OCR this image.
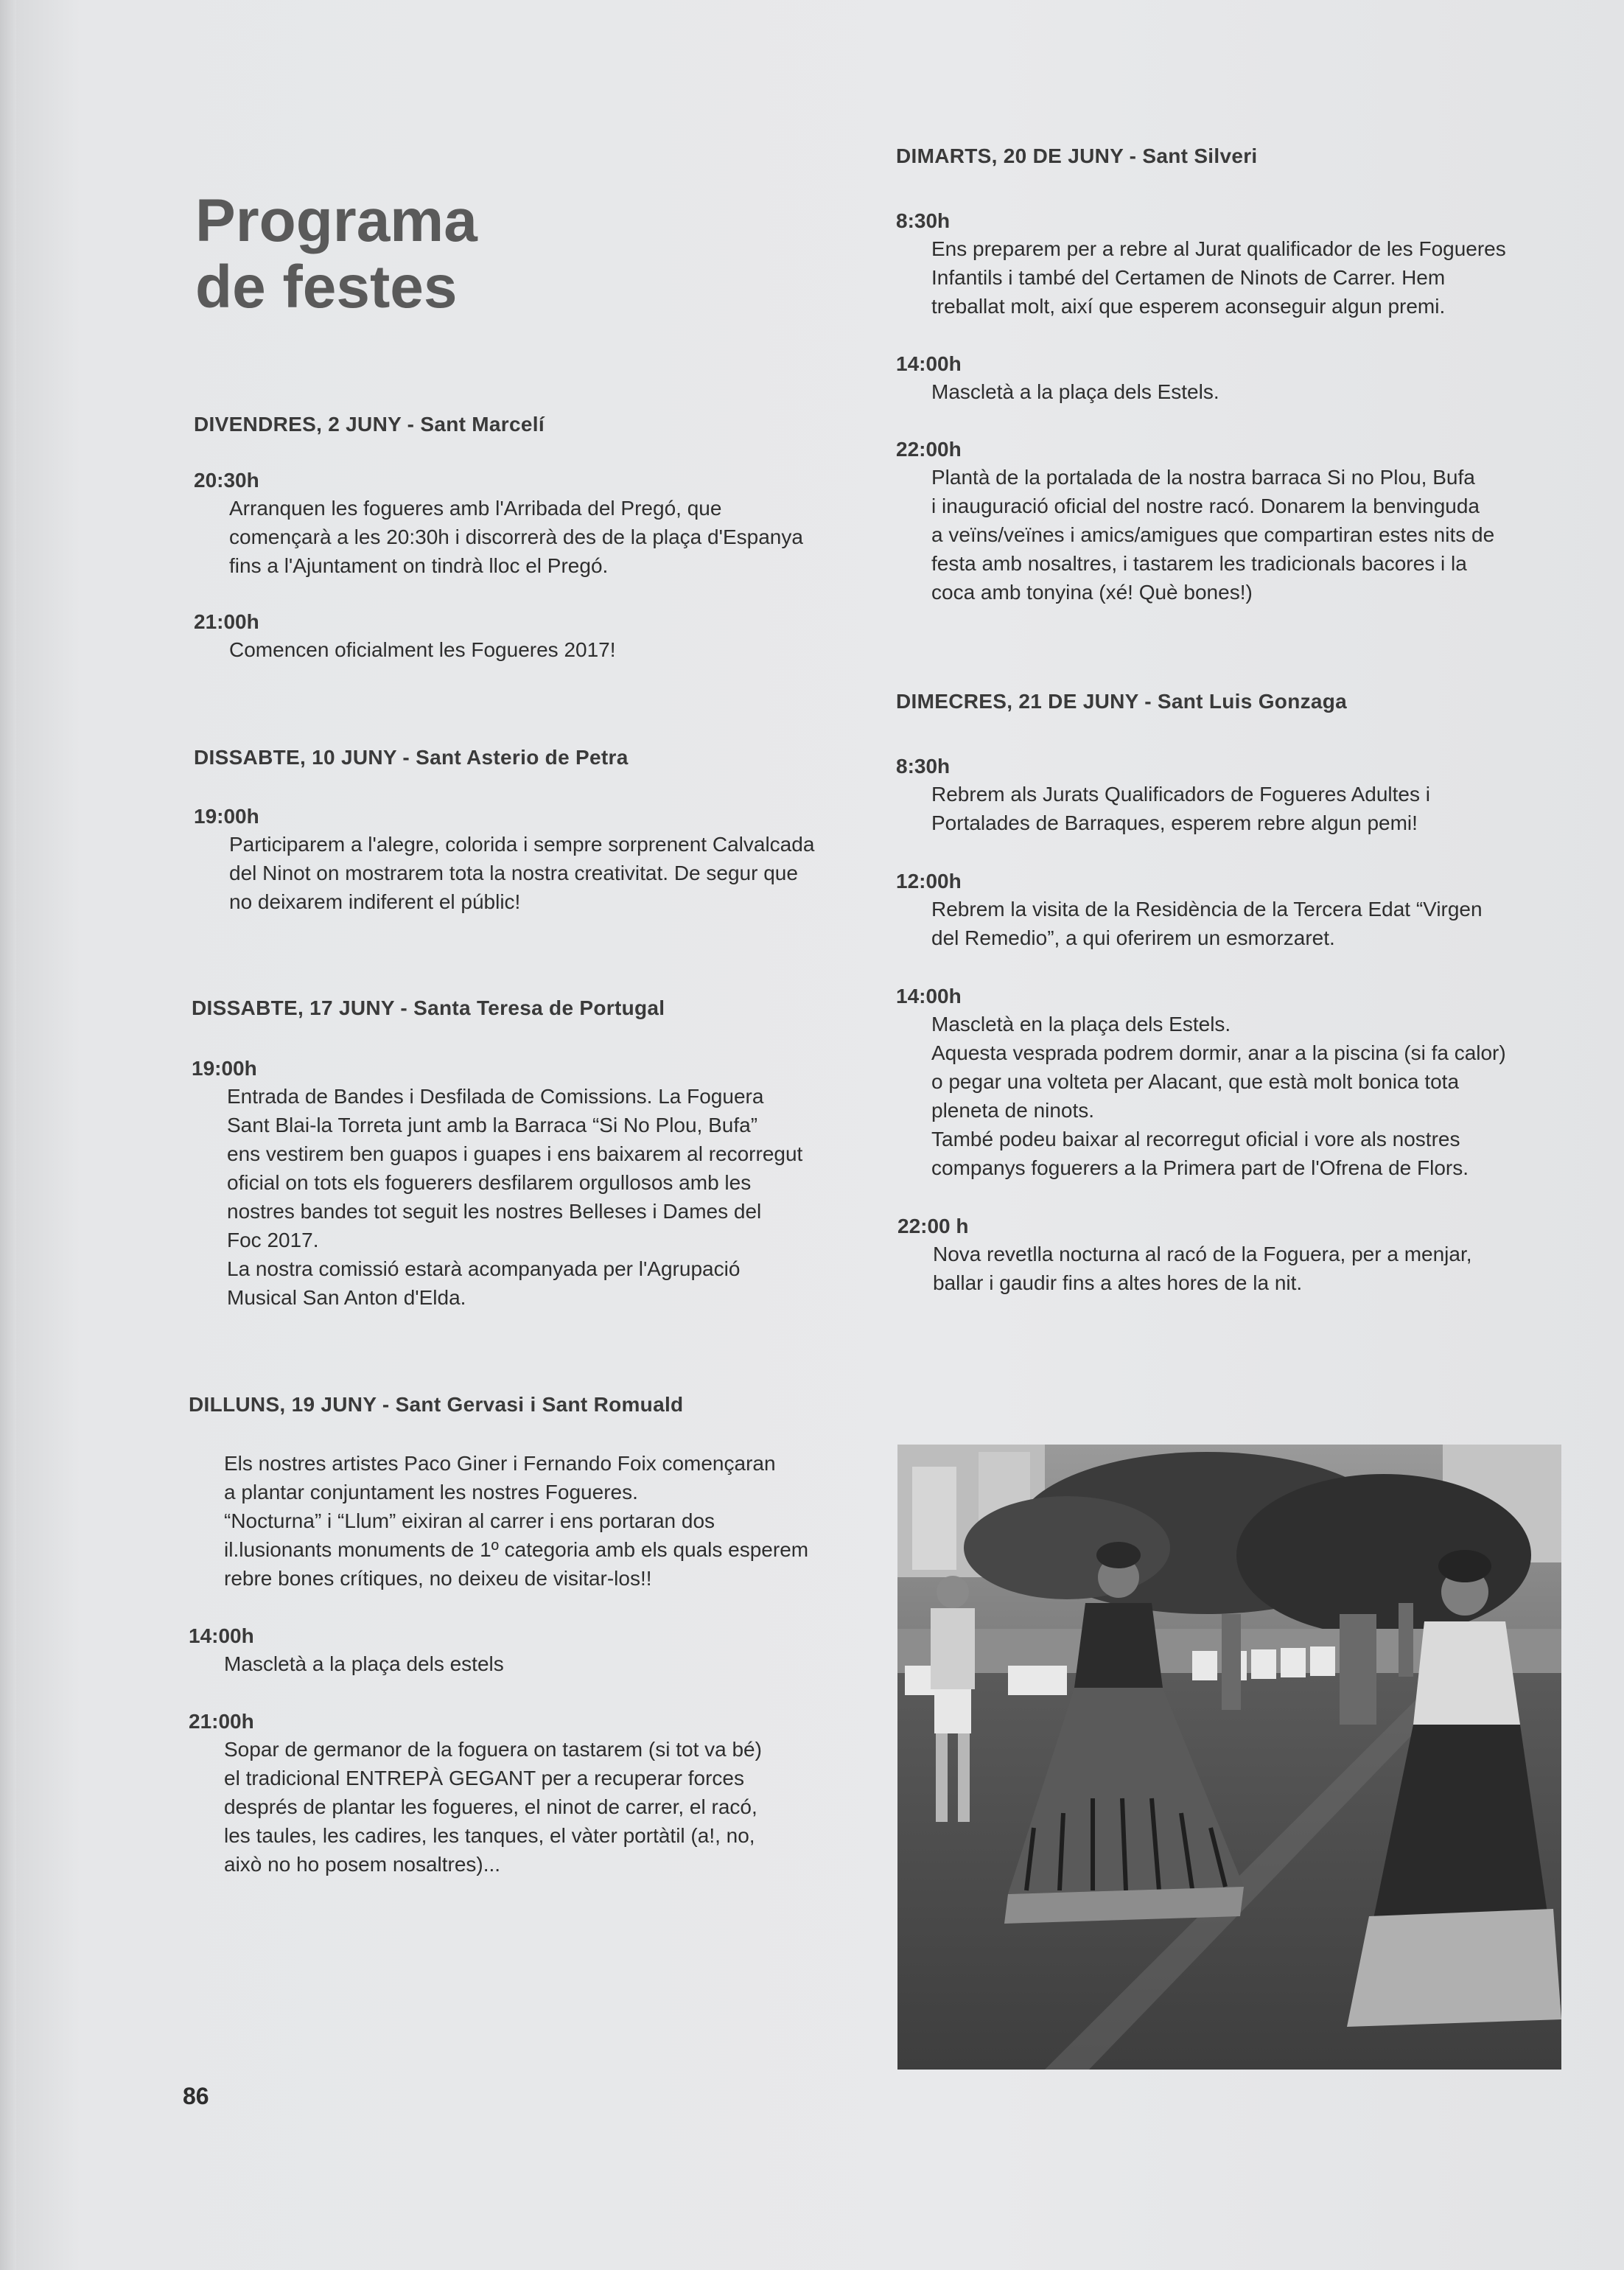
Programa
de festes
DIVENDRES, 2 JUNY - Sant Marcelí
20:30h
Arranquen les fogueres amb l'Arribada del Pregó, que
començarà a les 20:30h i discorrerà des de la plaça d'Espanya
fins a l'Ajuntament on tindrà lloc el Pregó.
21:00h
Comencen oficialment les Fogueres 2017!
DISSABTE, 10 JUNY - Sant Asterio de Petra
19:00h
Participarem a l'alegre, colorida i sempre sorprenent Calvalcada
del Ninot on mostrarem tota la nostra creativitat. De segur que
no deixarem indiferent el públic!
DISSABTE, 17 JUNY - Santa Teresa de Portugal
19:00h
Entrada de Bandes i Desfilada de Comissions. La Foguera
Sant Blai-la Torreta junt amb la Barraca “Si No Plou, Bufa”
ens vestirem ben guapos i guapes i ens baixarem al recorregut
oficial on tots els foguerers desfilarem orgullosos amb les
nostres bandes tot seguit les nostres Belleses i Dames del
Foc 2017.
La nostra comissió estarà acompanyada per l'Agrupació
Musical San Anton d'Elda.
DILLUNS, 19 JUNY - Sant Gervasi i Sant Romuald
Els nostres artistes Paco Giner i Fernando Foix començaran
a plantar conjuntament les nostres Fogueres.
“Nocturna” i “Llum” eixiran al carrer i ens portaran dos
il.lusionants monuments de 1º categoria amb els quals esperem
rebre bones crítiques, no deixeu de visitar-los!!
14:00h
Mascletà a la plaça dels estels
21:00h
Sopar de germanor de la foguera on tastarem (si tot va bé)
el tradicional ENTREPÀ GEGANT per a recuperar forces
després de plantar les fogueres, el ninot de carrer, el racó,
les taules, les cadires, les tanques, el vàter portàtil (a!, no,
això no ho posem nosaltres)...
DIMARTS, 20 DE JUNY - Sant Silveri
8:30h
Ens preparem per a rebre al Jurat qualificador de les Fogueres
Infantils i també del Certamen de Ninots de Carrer. Hem
treballat molt, així que esperem aconseguir algun premi.
14:00h
Mascletà a la plaça dels Estels.
22:00h
Plantà de la portalada de la nostra barraca Si no Plou, Bufa
i inauguració oficial del nostre racó. Donarem la benvinguda
a veïns/veïnes i amics/amigues que compartiran estes nits de
festa amb nosaltres, i tastarem les tradicionals bacores i la
coca amb tonyina (xé! Què bones!)
DIMECRES, 21 DE JUNY - Sant Luis Gonzaga
8:30h
Rebrem als Jurats Qualificadors de Fogueres Adultes i
Portalades de Barraques, esperem rebre algun pemi!
12:00h
Rebrem la visita de la Residència de la Tercera Edat “Virgen
del Remedio”, a qui oferirem un esmorzaret.
14:00h
Mascletà en la plaça dels Estels.
Aquesta vesprada podrem dormir, anar a la piscina (si fa calor)
o pegar una volteta per Alacant, que està molt bonica tota
pleneta de ninots.
També podeu baixar al recorregut oficial i vore als nostres
companys foguerers a la Primera part de l'Ofrena de Flors.
22:00 h
Nova revetlla nocturna al racó de la Foguera, per a menjar,
ballar i gaudir fins a altes hores de la nit.
86
